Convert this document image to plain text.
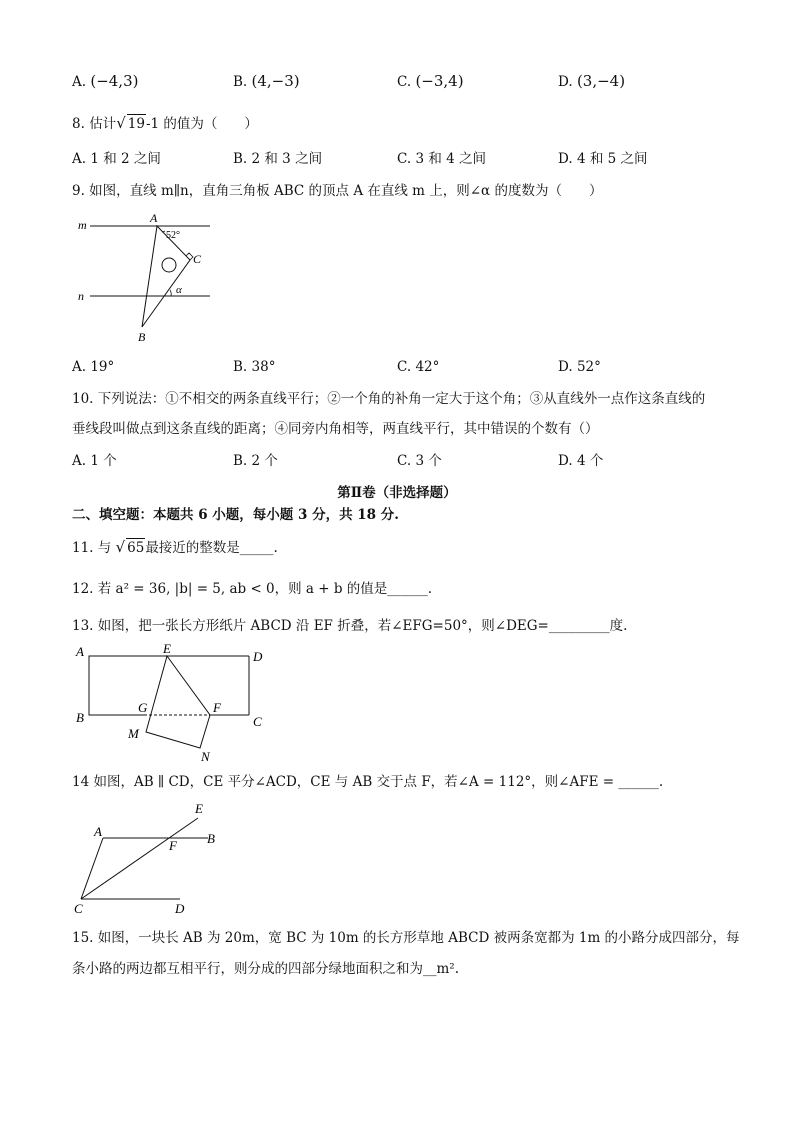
A. (−4,3)	B. (4,−3)	C. (−3,4)	D. (3,−4)
8. 估计√ 19-1 的值为（　　）
A. 1 和 2 之间	B. 2 和 3 之间	C. 3 和 4 之间	D. 4 和 5 之间
9. 如图，直线 m∥n，直角三角板 ABC 的顶点 A 在直线 m 上，则∠α 的度数为（　　）
m
n
A
B
C
52°
α
A. 19°	B. 38°	C. 42°	D. 52°
10. 下列说法：①不相交的两条直线平行；②一个角的补角一定大于这个角；③从直线外一点作这条直线的
垂线段叫做点到这条直线的距离；④同旁内角相等，两直线平行，其中错误的个数有（）
A. 1 个	B. 2 个	C. 3 个	D. 4 个
第Ⅱ卷（非选择题）
二、填空题：本题共 6 小题，每小题 3 分，共 18 分.
11. 与 √ 65最接近的整数是_____.
12. 若 a² = 36, |b| = 5, ab < 0，则 a + b 的值是______.
13. 如图，把一张长方形纸片 ABCD 沿 EF 折叠，若∠EFG=50°，则∠DEG=_________度.
A
B	C
D
E
F
G
M
N
14 如图，AB ∥ CD，CE 平分∠ACD，CE 与 AB 交于点 F，若∠A = 112°，则∠AFE = ______.
A	B
C	D
E
F
15. 如图，一块长 AB 为 20m，宽 BC 为 10m 的长方形草地 ABCD 被两条宽都为 1m 的小路分成四部分，每
条小路的两边都互相平行，则分成的四部分绿地面积之和为__m².
